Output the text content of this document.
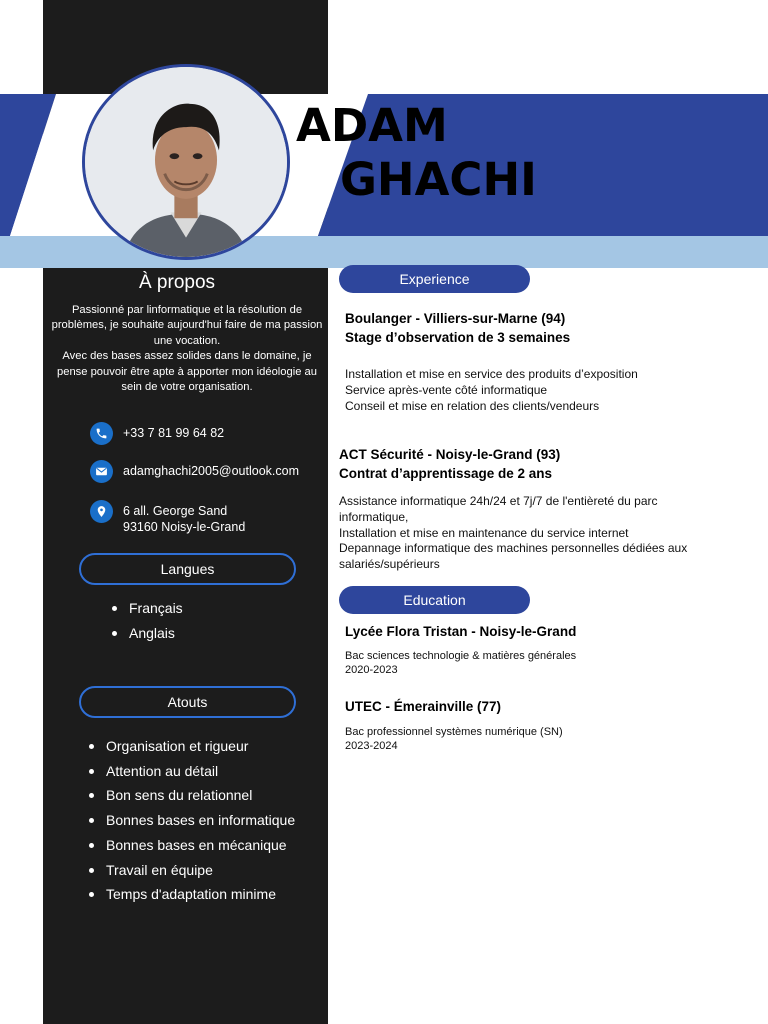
ADAM
GHACHI
À propos
Passionné par linformatique et la résolution de problèmes, je souhaite aujourd'hui faire de ma passion une vocation.
Avec des bases assez solides dans le domaine, je pense pouvoir être apte à apporter mon idéologie au sein de votre organisation.
+33 7 81 99 64 82
adamghachi2005@outlook.com
6 all. George Sand
93160 Noisy-le-Grand
Langues
Français
Anglais
Atouts
Organisation et rigueur
Attention au détail
Bon sens du relationnel
Bonnes bases en informatique
Bonnes bases en mécanique
Travail en équipe
Temps d'adaptation minime
Experience
Boulanger - Villiers-sur-Marne (94)
Stage d’observation de 3 semaines
Installation et mise en service des produits d’exposition
Service après-vente côté informatique
Conseil et mise en relation des clients/vendeurs
ACT Sécurité - Noisy-le-Grand (93)
Contrat d’apprentissage de 2 ans
Assistance informatique 24h/24 et 7j/7 de l'entièreté du parc informatique,
Installation et mise en maintenance du service internet
Depannage informatique des machines personnelles dédiées aux salariés/supérieurs
Education
Lycée Flora Tristan - Noisy-le-Grand
Bac sciences technologie & matières générales
2020-2023
UTEC - Émerainville (77)
Bac professionnel systèmes numérique (SN)
2023-2024
